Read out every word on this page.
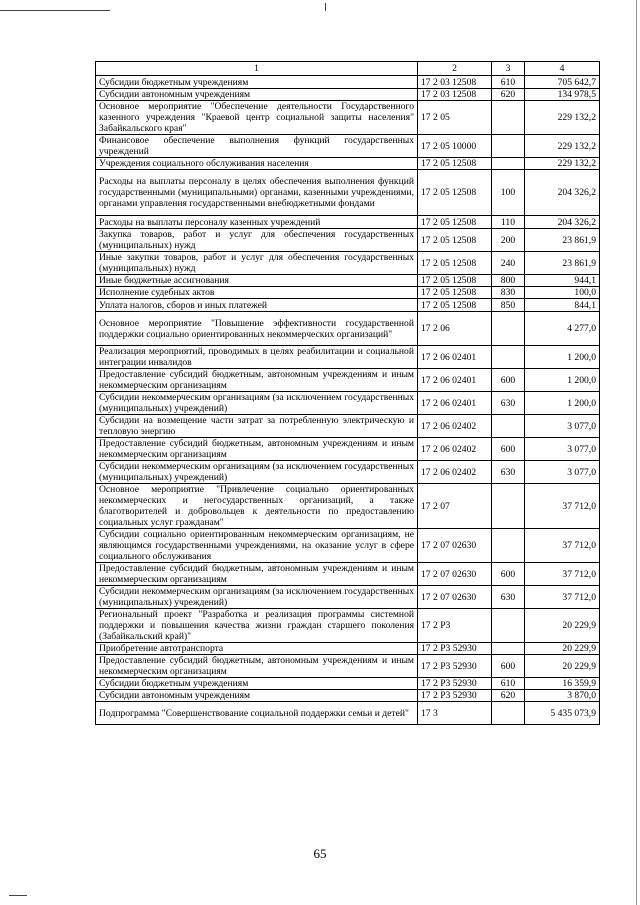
1	2	3	4
Субсидии бюджетным учреждениям	17 2 03 12508	610	705 642,7
Субсидии автономным учреждениям	17 2 03 12508	620	134 978,5
Основное мероприятие "Обеспечение деятельности Государственного казенного учреждения "Краевой центр социальной защиты населения" Забайкальского края"	17 2 05		229 132,2
Финансовое обеспечение выполнения функций государственных учреждений	17 2 05 10000		229 132,2
Учреждения социального обслуживания населения	17 2 05 12508		229 132,2
Расходы на выплаты персоналу в целях обеспечения выполнения функций государственными (муниципальными) органами, казенными учреждениями, органами управления государственными внебюджетными фондами	17 2 05 12508	100	204 326,2
Расходы на выплаты персоналу казенных учреждений	17 2 05 12508	110	204 326,2
Закупка товаров, работ и услуг для обеспечения государственных (муниципальных) нужд	17 2 05 12508	200	23 861,9
Иные закупки товаров, работ и услуг для обеспечения государственных (муниципальных) нужд	17 2 05 12508	240	23 861,9
Иные бюджетные ассигнования	17 2 05 12508	800	944,1
Исполнение судебных актов	17 2 05 12508	830	100,0
Уплата налогов, сборов и иных платежей	17 2 05 12508	850	844,1
Основное мероприятие "Повышение эффективности государственной поддержки социально ориентированных некоммерческих организаций"	17 2 06		4 277,0
Реализация мероприятий, проводимых в целях реабилитации и социальной интеграции инвалидов	17 2 06 02401		1 200,0
Предоставление субсидий бюджетным, автономным учреждениям и иным некоммерческим организациям	17 2 06 02401	600	1 200,0
Субсидии некоммерческим организациям (за исключением государственных (муниципальных) учреждений)	17 2 06 02401	630	1 200,0
Субсидии на возмещение части затрат за потребленную электрическую и тепловую энергию	17 2 06 02402		3 077,0
Предоставление субсидий бюджетным, автономным учреждениям и иным некоммерческим организациям	17 2 06 02402	600	3 077,0
Субсидии некоммерческим организациям (за исключением государственных (муниципальных) учреждений)	17 2 06 02402	630	3 077,0
Основное мероприятие "Привлечение социально ориентированных некоммерческих и негосударственных организаций, а также благотворителей и добровольцев к деятельности по предоставлению социальных услуг гражданам"	17 2 07		37 712,0
Субсидии социально ориентированным некоммерческим организациям, не являющимся государственными учреждениями, на оказание услуг в сфере социального обслуживания	17 2 07 02630		37 712,0
Предоставление субсидий бюджетным, автономным учреждениям и иным некоммерческим организациям	17 2 07 02630	600	37 712,0
Субсидии некоммерческим организациям (за исключением государственных (муниципальных) учреждений)	17 2 07 02630	630	37 712,0
Региональный проект "Разработка и реализация программы системной поддержки и повышения качества жизни граждан старшего поколения (Забайкальский край)"	17 2 P3		20 229,9
Приобретение автотранспорта	17 2 P3 52930		20 229,9
Предоставление субсидий бюджетным, автономным учреждениям и иным некоммерческим организациям	17 2 P3 52930	600	20 229,9
Субсидии бюджетным учреждениям	17 2 P3 52930	610	16 359,9
Субсидии автономным учреждениям	17 2 P3 52930	620	3 870,0
Подпрограмма "Совершенствование социальной поддержки семьи и детей"	17 3		5 435 073,9
65
